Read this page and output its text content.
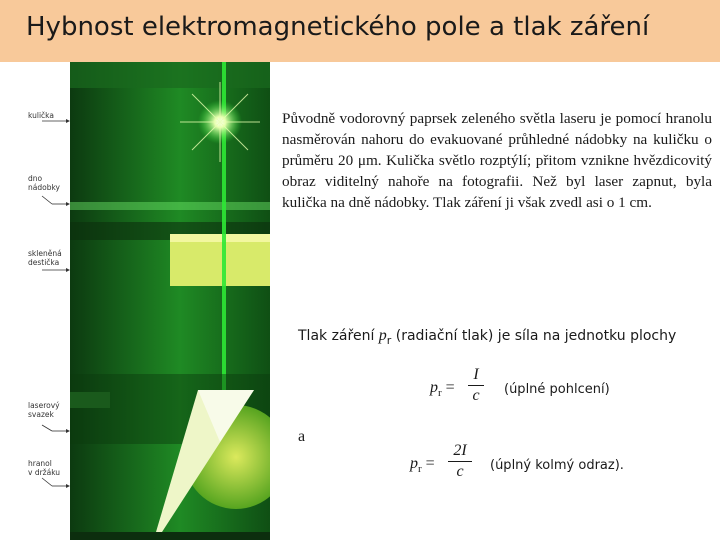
Hybnost elektromagnetického pole a tlak záření
kulička
dno
nádobky
skleněná
destička
laserový
svazek
hranol
v držáku

Původně vodorovný paprsek zeleného světla laseru je pomocí hranolu nasměrován nahoru do evakuované průhledné nádobky na kuličku o průměru 20 μm. Kulička světlo rozptýlí; přitom vznikne hvězdicovitý obraz viditelný nahoře na fotografii. Než byl laser zapnut, byla kulička na dně nádobky. Tlak záření ji však zvedl asi o 1 cm.

Tlak záření $p_r$ (radiační tlak) je síla na jednotku plochy
$p_r$ =
I
c	(úplné pohlcení)
a
$p_r$ =
2I
c	(úplný kolmý odraz).
